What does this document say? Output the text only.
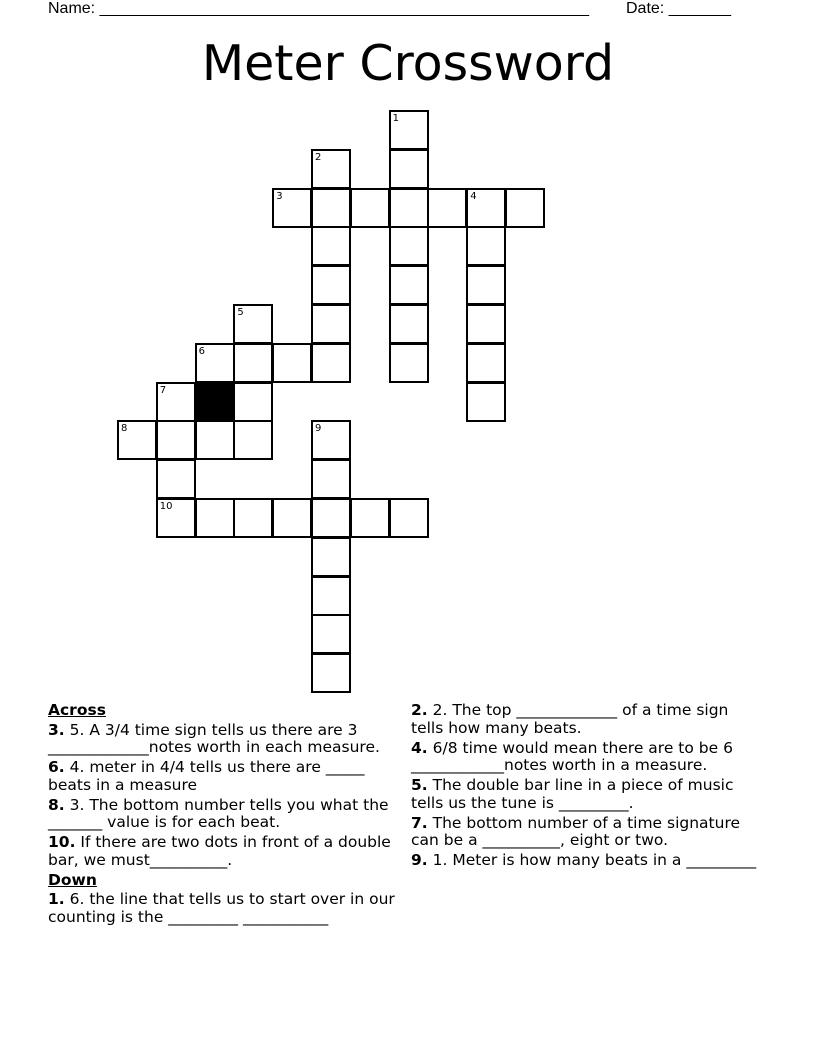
Name: _______________________________________________________ Date: _______
Meter Crossword
1
2
3	4
5
6
7
8	9
10
Across
3. 5. A 3/4 time sign tells us there are 3 _____________notes worth in each measure.
6. 4. meter in 4/4 tells us there are _____ beats in a measure
8. 3. The bottom number tells you what the _______ value is for each beat.
10. If there are two dots in front of a double bar, we must__________.
Down
1. 6. the line that tells us to start over in our counting is the _________ ___________
2. 2. The top _____________ of a time sign tells how many beats.
4. 6/8 time would mean there are to be 6 ____________notes worth in a measure.
5. The double bar line in a piece of music tells us the tune is _________.
7. The bottom number of a time signature can be a __________, eight or two.
9. 1. Meter is how many beats in a _________
